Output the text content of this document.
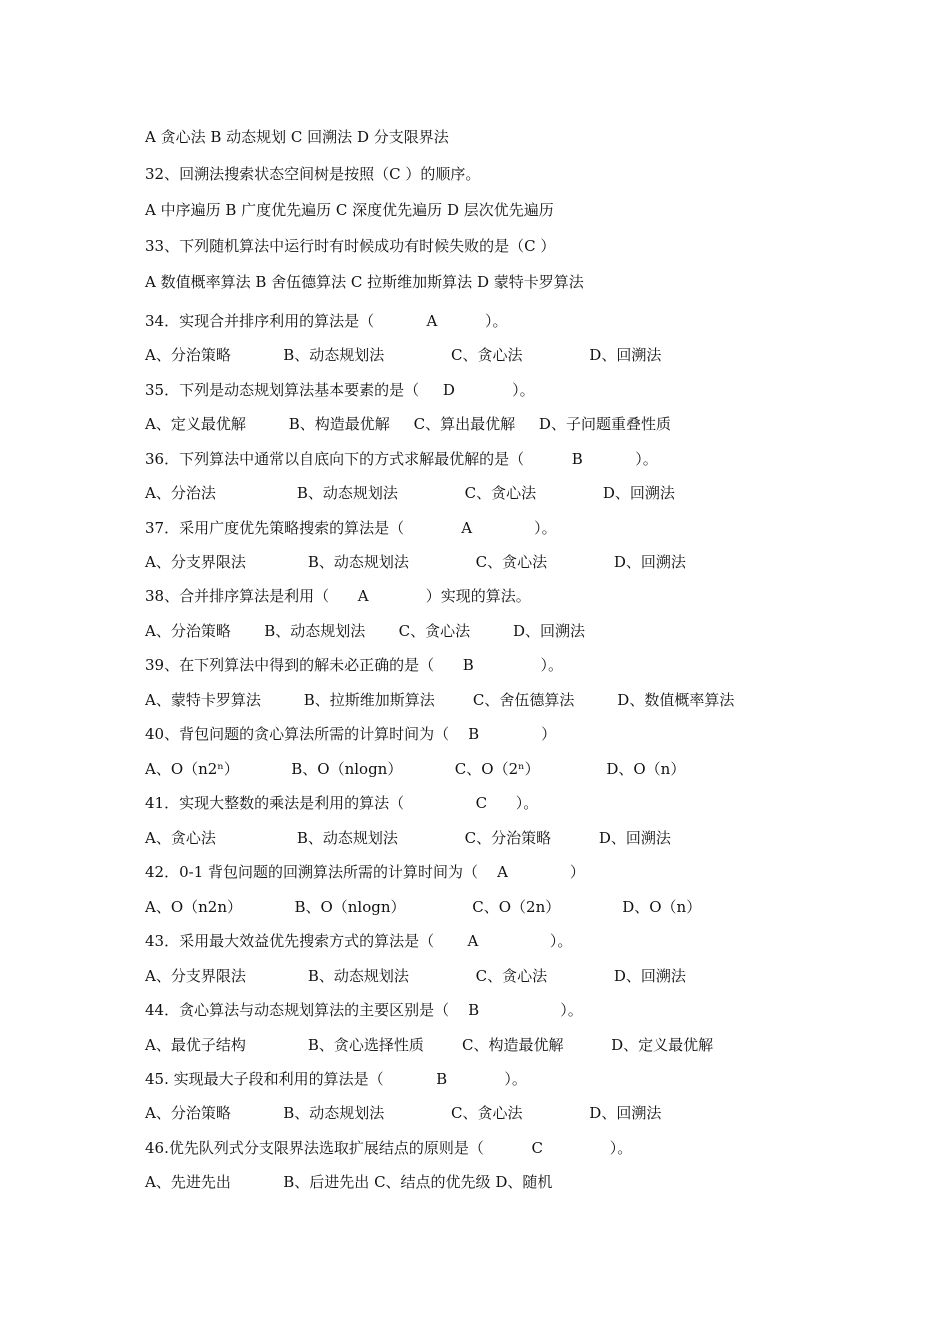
A 贪心法 B 动态规划 C 回溯法 D 分支限界法
32、回溯法搜索状态空间树是按照（C ）的顺序。
A 中序遍历 B 广度优先遍历 C 深度优先遍历 D 层次优先遍历
33、下列随机算法中运行时有时候成功有时候失败的是（C ）
A 数值概率算法 B 舍伍德算法 C 拉斯维加斯算法 D 蒙特卡罗算法
34．实现合并排序利用的算法是（           A          ）。
A、分治策略           B、动态规划法              C、贪心法              D、回溯法
35．下列是动态规划算法基本要素的是（     D            ）。
A、定义最优解         B、构造最优解     C、算出最优解     D、子问题重叠性质
36．下列算法中通常以自底向下的方式求解最优解的是（          B           ）。
A、分治法                 B、动态规划法              C、贪心法              D、回溯法
37．采用广度优先策略搜索的算法是（            A             ）。
A、分支界限法             B、动态规划法              C、贪心法              D、回溯法
38、合并排序算法是利用（      A            ）实现的算法。
A、分治策略       B、动态规划法       C、贪心法         D、回溯法
39、在下列算法中得到的解未必正确的是（      B              ）。
A、蒙特卡罗算法         B、拉斯维加斯算法        C、舍伍德算法         D、数值概率算法
40、背包问题的贪心算法所需的计算时间为（    B             ）
A、O（n2ⁿ）           B、O（nlogn）           C、O（2ⁿ）              D、O（n）
41．实现大整数的乘法是利用的算法（               C      ）。
A、贪心法                 B、动态规划法              C、分治策略          D、回溯法
42．0-1 背包问题的回溯算法所需的计算时间为（    A             ）
A、O（n2n）           B、O（nlogn）              C、O（2n）             D、O（n）
43．采用最大效益优先搜索方式的算法是（       A               ）。
A、分支界限法             B、动态规划法              C、贪心法              D、回溯法
44．贪心算法与动态规划算法的主要区别是（    B                 ）。
A、最优子结构             B、贪心选择性质        C、构造最优解          D、定义最优解
45. 实现最大子段和利用的算法是（           B            ）。
A、分治策略           B、动态规划法              C、贪心法              D、回溯法
46.优先队列式分支限界法选取扩展结点的原则是（          C              ）。
A、先进先出           B、后进先出 C、结点的优先级 D、随机
